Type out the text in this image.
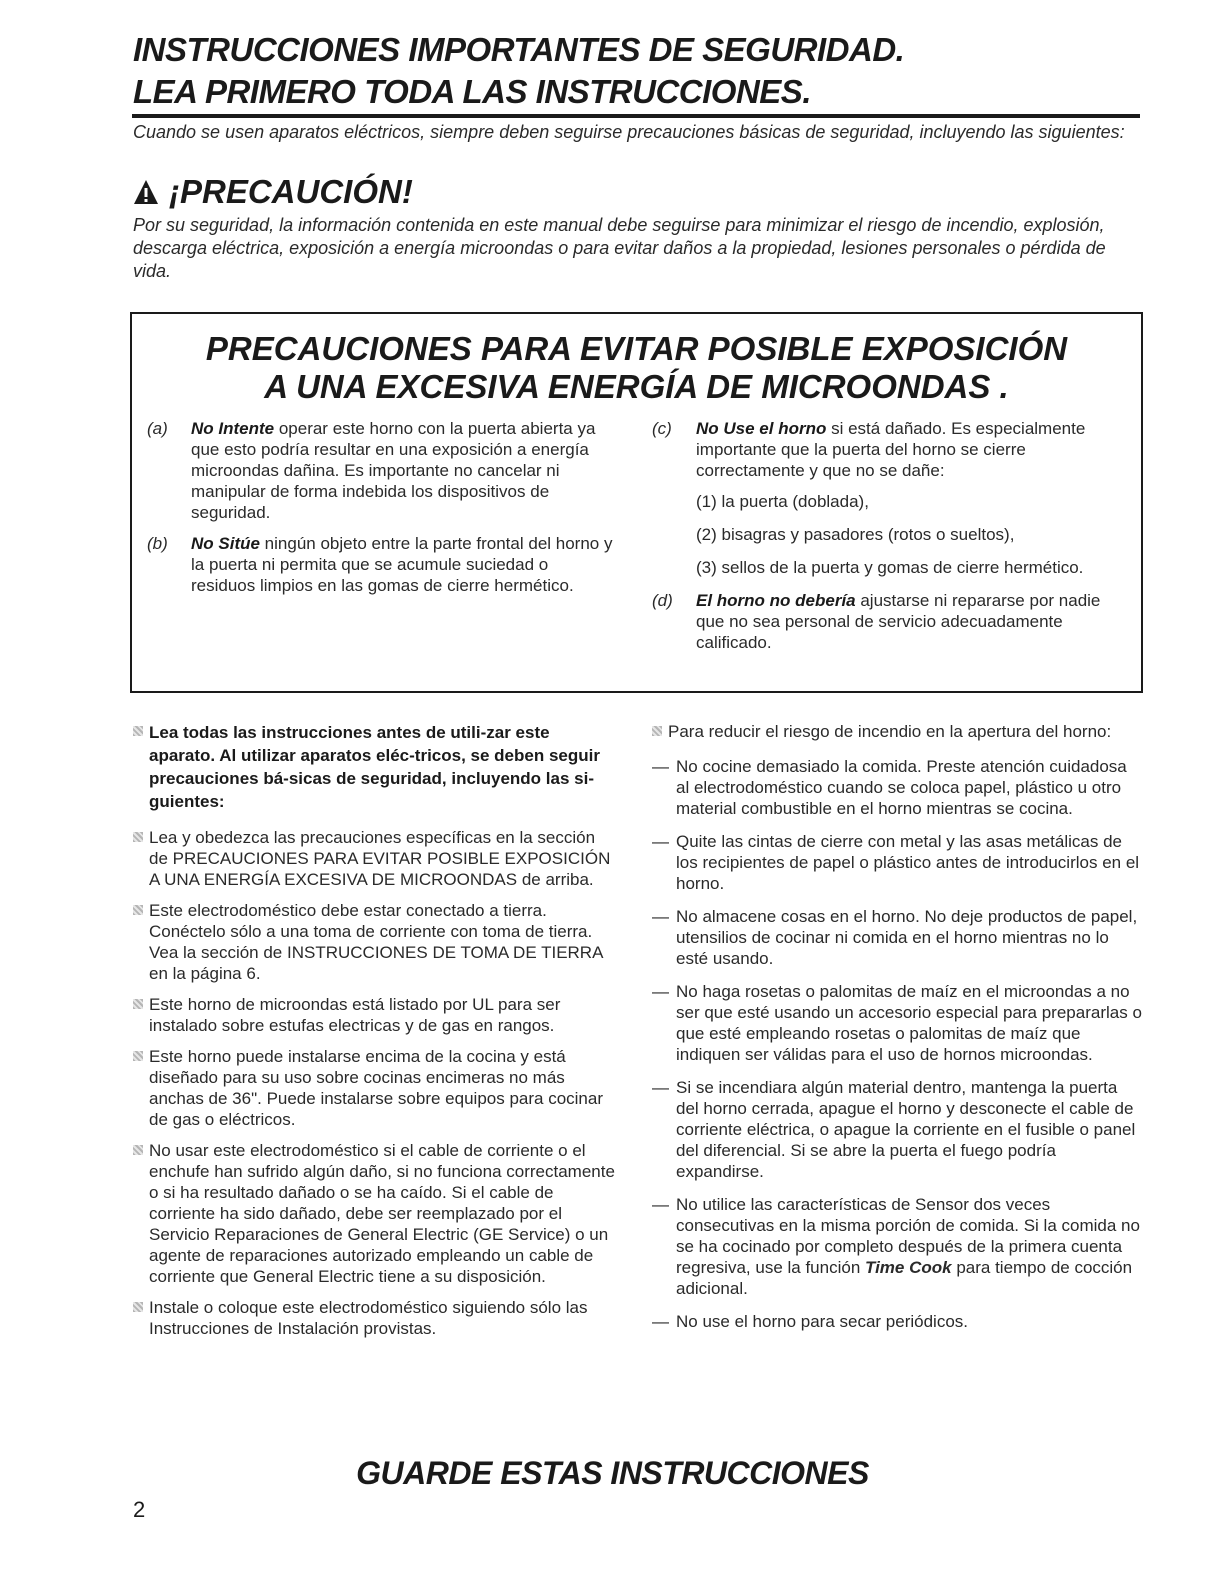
INSTRUCCIONES IMPORTANTES DE SEGURIDAD.
LEA PRIMERO TODA LAS INSTRUCCIONES.
Cuando se usen aparatos eléctricos, siempre deben seguirse precauciones básicas de seguridad, incluyendo las siguientes:
¡PRECAUCIÓN!
Por su seguridad, la información contenida en este manual debe seguirse para minimizar el riesgo de incendio, explosión, descarga eléctrica, exposición a energía microondas o para evitar daños a la propiedad, lesiones personales o pérdida de vida.
PRECAUCIONES PARA EVITAR POSIBLE EXPOSICIÓN
A UNA EXCESIVA ENERGÍA DE MICROONDAS .
(a) No Intente operar este horno con la puerta abierta ya que esto podría resultar en una exposición a energía microondas dañina. Es importante no cancelar ni manipular de forma indebida los dispositivos de seguridad.
(b) No Sitúe ningún objeto entre la parte frontal del horno y la puerta ni permita que se acumule suciedad o residuos limpios en las gomas de cierre hermético.
(c) No Use el horno si está dañado. Es especialmente importante que la puerta del horno se cierre correctamente y que no se dañe:
(1) la puerta (doblada),
(2) bisagras y pasadores (rotos o sueltos),
(3) sellos de la puerta y gomas de cierre hermético.
(d) El horno no debería ajustarse ni repararse por nadie que no sea personal de servicio adecuadamente calificado.
Lea todas las instrucciones antes de utili-zar este aparato. Al utilizar aparatos eléc-tricos, se deben seguir precauciones bá-sicas de seguridad, incluyendo las si-guientes:
Lea y obedezca las precauciones específicas en la sección de PRECAUCIONES PARA EVITAR POSIBLE EXPOSICIÓN A UNA ENERGÍA EXCESIVA DE MICROONDAS de arriba.
Este electrodoméstico debe estar conectado a tierra. Conéctelo sólo a una toma de corriente con toma de tierra. Vea la sección de INSTRUCCIONES DE TOMA DE TIERRA en la página 6.
Este horno de microondas está listado por UL para ser instalado sobre estufas electricas y de gas en rangos.
Este horno puede instalarse encima de la cocina y está diseñado para su uso sobre cocinas encimeras no más anchas de 36". Puede instalarse sobre equipos para cocinar de gas o eléctricos.
No usar este electrodoméstico si el cable de corriente o el enchufe han sufrido algún daño, si no funciona correctamente o si ha resultado dañado o se ha caído. Si el cable de corriente ha sido dañado, debe ser reemplazado por el Servicio Reparaciones de General Electric (GE Service) o un agente de reparaciones autorizado empleando un cable de corriente que General Electric tiene a su disposición.
Instale o coloque este electrodoméstico siguiendo sólo las Instrucciones de Instalación provistas.
Para reducir el riesgo de incendio en la apertura del horno:
— No cocine demasiado la comida. Preste atención cuidadosa al electrodoméstico cuando se coloca papel, plástico u otro material combustible en el horno mientras se cocina.
— Quite las cintas de cierre con metal y las asas metálicas de los recipientes de papel o plástico antes de introducirlos en el horno.
— No almacene cosas en el horno. No deje productos de papel, utensilios de cocinar ni comida en el horno mientras no lo esté usando.
— No haga rosetas o palomitas de maíz en el microondas a no ser que esté usando un accesorio especial para prepararlas o que esté empleando rosetas o palomitas de maíz que indiquen ser válidas para el uso de hornos microondas.
— Si se incendiara algún material dentro, mantenga la puerta del horno cerrada, apague el horno y desconecte el cable de corriente eléctrica, o apague la corriente en el fusible o panel del diferencial. Si se abre la puerta el fuego podría expandirse.
— No utilice las características de Sensor dos veces consecutivas en la misma porción de comida. Si la comida no se ha cocinado por completo después de la primera cuenta regresiva, use la función Time Cook para tiempo de cocción adicional.
— No use el horno para secar periódicos.
GUARDE ESTAS INSTRUCCIONES
2
